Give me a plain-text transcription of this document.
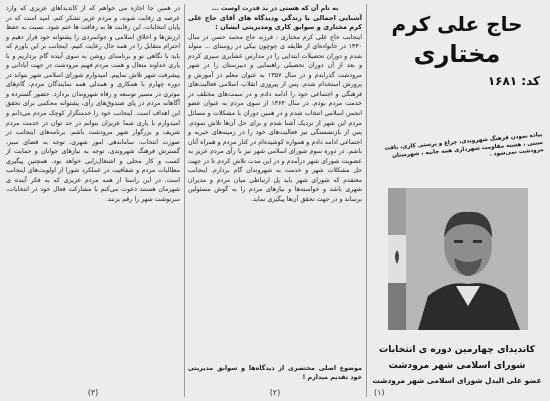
در همین جا اجازه می خواهم که از کاندیداهای عزیزی که وارد عرصه ی رقابت شوند، و مردم عزیز تشکر کنم. امید است که در پایان انتخابات، این رقابت ها به رفاقت ها ختم شود. نسبت به حفظ ارزش‌ها و اخلاق اسلامی و جوانمردی را پشتوانه خود قرار دهیم و احترام متقابل را در همه حال رعایت کنیم. اینجانب بر این باورم که باید با نگاهی نو و برنامه‌ای روشن به سوی آینده گام برداریم و با یاری خداوند متعال و همت مردم فهیم مرودشت در جهت آبادانی و پیشرفت شهر تلاش نماییم. امیدوارم شورای اسلامی شهر بتواند در دوره چهارم با همکاری و همدلی همه نمایندگان مردم، گام‌های موثری در مسیر توسعه و رفاه شهروندان بردارد. حضور گسترده و آگاهانه مردم در پای صندوق‌های رأی، پشتوانه محکمی برای تحقق این اهداف است. اینجانب خود را خدمتگزار کوچک مردم می‌دانم و امیدوارم با یاری شما عزیزان بتوانم در حد توان در خدمت مردم شریف و بزرگوار شهر مرودشت باشم. برنامه‌های اینجانب در صورت انتخاب، ساماندهی امور شهری، توجه به فضای سبز، گسترش فرهنگ شهروندی، توجه به نیازهای جوانان و حمایت از کسب و کار محلی و اشتغال‌زایی خواهد بود. همچنین پیگیری مطالبات مردم و شفافیت در عملکرد شورا از اولویت‌های اینجانب است. در این راستا از همه مردم عزیزی که به فکر آینده ی شهرمان هستند دعوت می‌کنم با مشارکت فعال خود در انتخابات، سرنوشت شهر را رقم بزنند.

(۳)

به نام آن که هستی در ید قدرت اوست ...

آشنایی اجمالی با زندگی ودیدگاه های آقای حاج علی کرم مختاری و سوابق کاری ومدیریتی ایشان :

اینجانب حاج علی کرم مختاری ، فرزند حاج محمد حسن در سال ۱۳۳۰ در خانواده‌ای از طایفه ی چوچون بیکی در روستای ... متولد شدم و دوران تحصیلات ابتدایی را در مدارس عشایری سپری کردم و بعد از آن دوران تحصیلی راهنمایی و دبیرستان را در شهر مرودشت گذراندم و در سال ۱۳۵۷ به عنوان معلم در آموزش و پرورش استخدام شدم. پس از پیروزی انقلاب اسلامی فعالیت‌های فرهنگی و اجتماعی خود را ادامه دادم و در سمت‌های مختلف در خدمت مردم بودم. در سال ۱۳۶۴ از سوی مردم به عنوان عضو انجمن اسلامی انتخاب شدم و در همین دوران با مشکلات و مسائل مردم این شهر از نزدیک آشنا شدم و برای حل آن‌ها تلاش نمودم. پس از بازنشستگی نیز فعالیت‌های خود را در زمینه‌های خیریه و اجتماعی ادامه دادم و همواره کوشیده‌ام در کنار مردم و همراه آنان باشم. در دوره سوم شورای اسلامی شهر نیز با رأی مردم عزیز به عضویت شورای شهر درآمدم و در این مدت تلاش کردم تا در جهت حل مشکلات شهر و خدمت به شهروندان گام بردارم. اینجانب معتقدم که شورای شهر باید پل ارتباطی میان مردم و مدیران شهری باشد و خواسته‌ها و نیازهای مردم را به گوش مسئولین برساند و در جهت تحقق آن‌ها پیگیری نماید.

موضوع اصلی مختصری از دیدگاه‌ها و سوابق مدیریتی خود تقدیم میدارم !

(۲)

حاج علی کرم

مختاری

کد: ۱۶۸۱
پیاده نمودن فرهنگ شهروندی، چراغ و پرستی کاری، بافت سنتی ، هسته مقاومت شهرداری همه جانبه ، شهرستان مرودشت نمی‌شود .
کاندیدای چهارمین دوره ی انتخابات
شورای اسلامی شهر مرودشت
عضو علی البدل شورای اسلامی شهر مرودشت
(۱)
